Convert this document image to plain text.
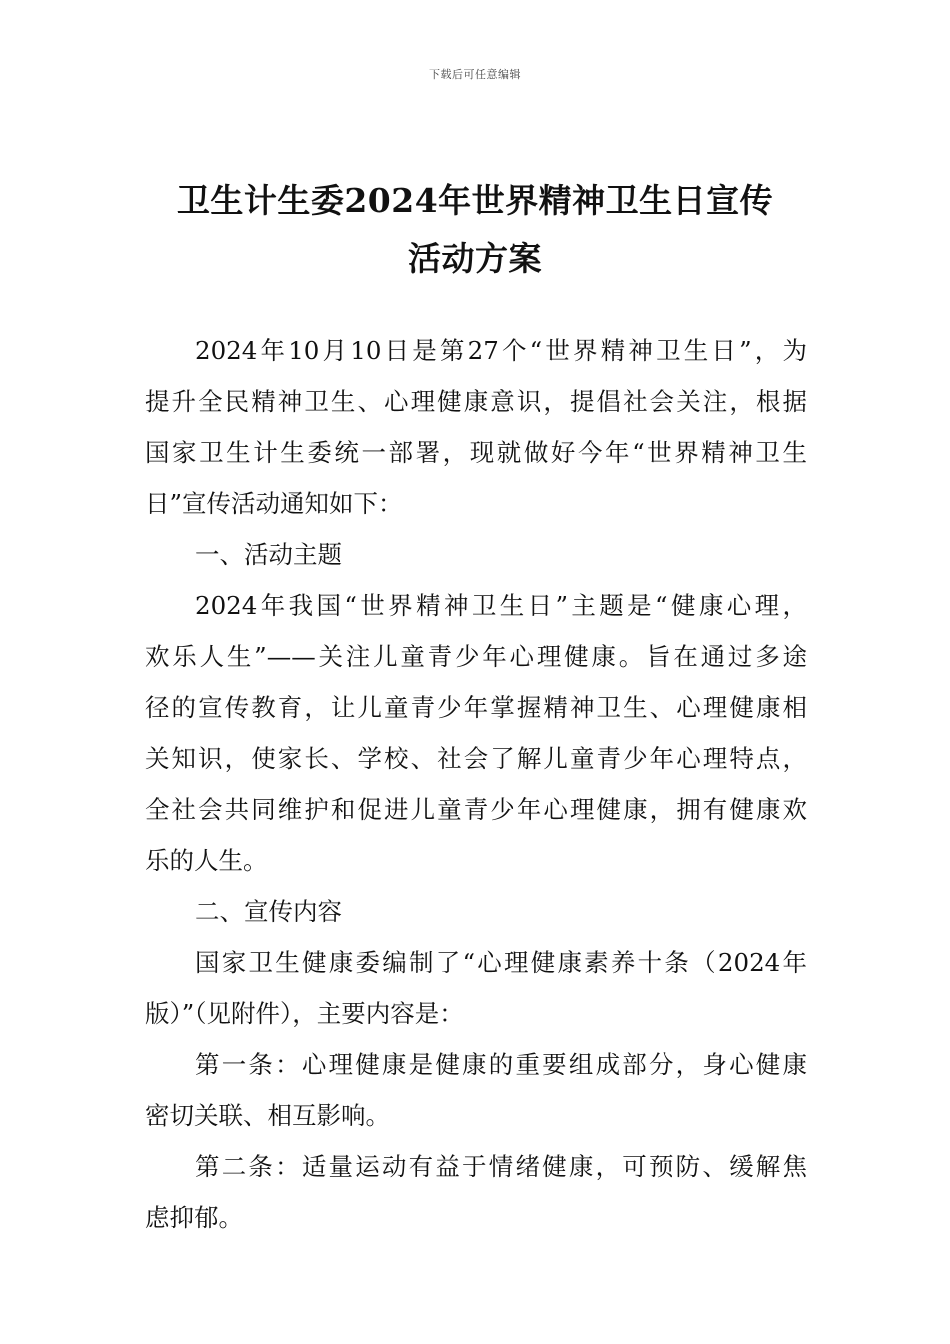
下载后可任意编辑
卫生计生委2024年世界精神卫生日宣传
活动方案

2024年10月10日是第27个“世界精神卫生日”，为
提升全民精神卫生、心理健康意识，提倡社会关注，根据
国家卫生计生委统一部署，现就做好今年“世界精神卫生
日”宣传活动通知如下：

一、活动主题

2024年我国“世界精神卫生日”主题是“健康心理，
欢乐人生”——关注儿童青少年心理健康。旨在通过多途
径的宣传教育，让儿童青少年掌握精神卫生、心理健康相
关知识，使家长、学校、社会了解儿童青少年心理特点，
全社会共同维护和促进儿童青少年心理健康，拥有健康欢
乐的人生。

二、宣传内容

国家卫生健康委编制了“心理健康素养十条（2024年
版）”（见附件），主要内容是：

第一条：心理健康是健康的重要组成部分，身心健康
密切关联、相互影响。

第二条：适量运动有益于情绪健康，可预防、缓解焦
虑抑郁。
